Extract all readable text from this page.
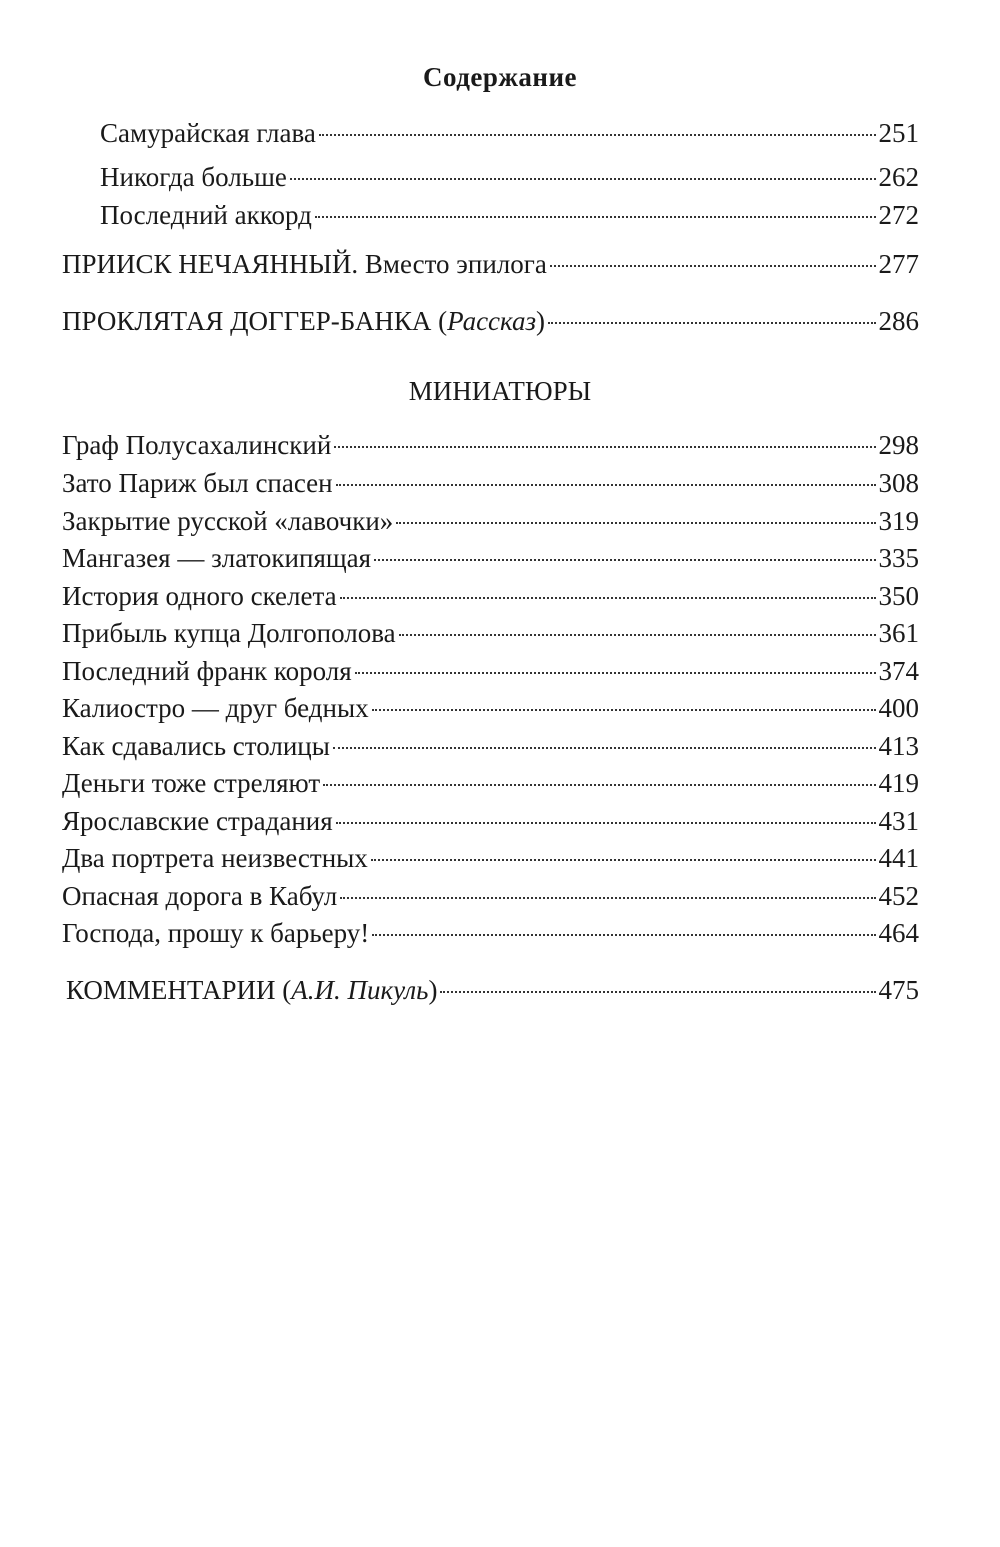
Содержание
Самурайская глава	251
Никогда больше	262
Последний аккорд	272
ПРИИСК НЕЧАЯННЫЙ. Вместо эпилога	277
ПРОКЛЯТАЯ ДОГГЕР-БАНКА (Рассказ)	286
МИНИАТЮРЫ
Граф Полусахалинский	298
Зато Париж был спасен	308
Закрытие русской «лавочки»	319
Мангазея — златокипящая	335
История одного скелета	350
Прибыль купца Долгополова	361
Последний франк короля	374
Калиостро — друг бедных	400
Как сдавались столицы	413
Деньги тоже стреляют	419
Ярославские страдания	431
Два портрета неизвестных	441
Опасная дорога в Кабул	452
Господа, прошу к барьеру!	464
КОММЕНТАРИИ (А.И. Пикуль)	475
